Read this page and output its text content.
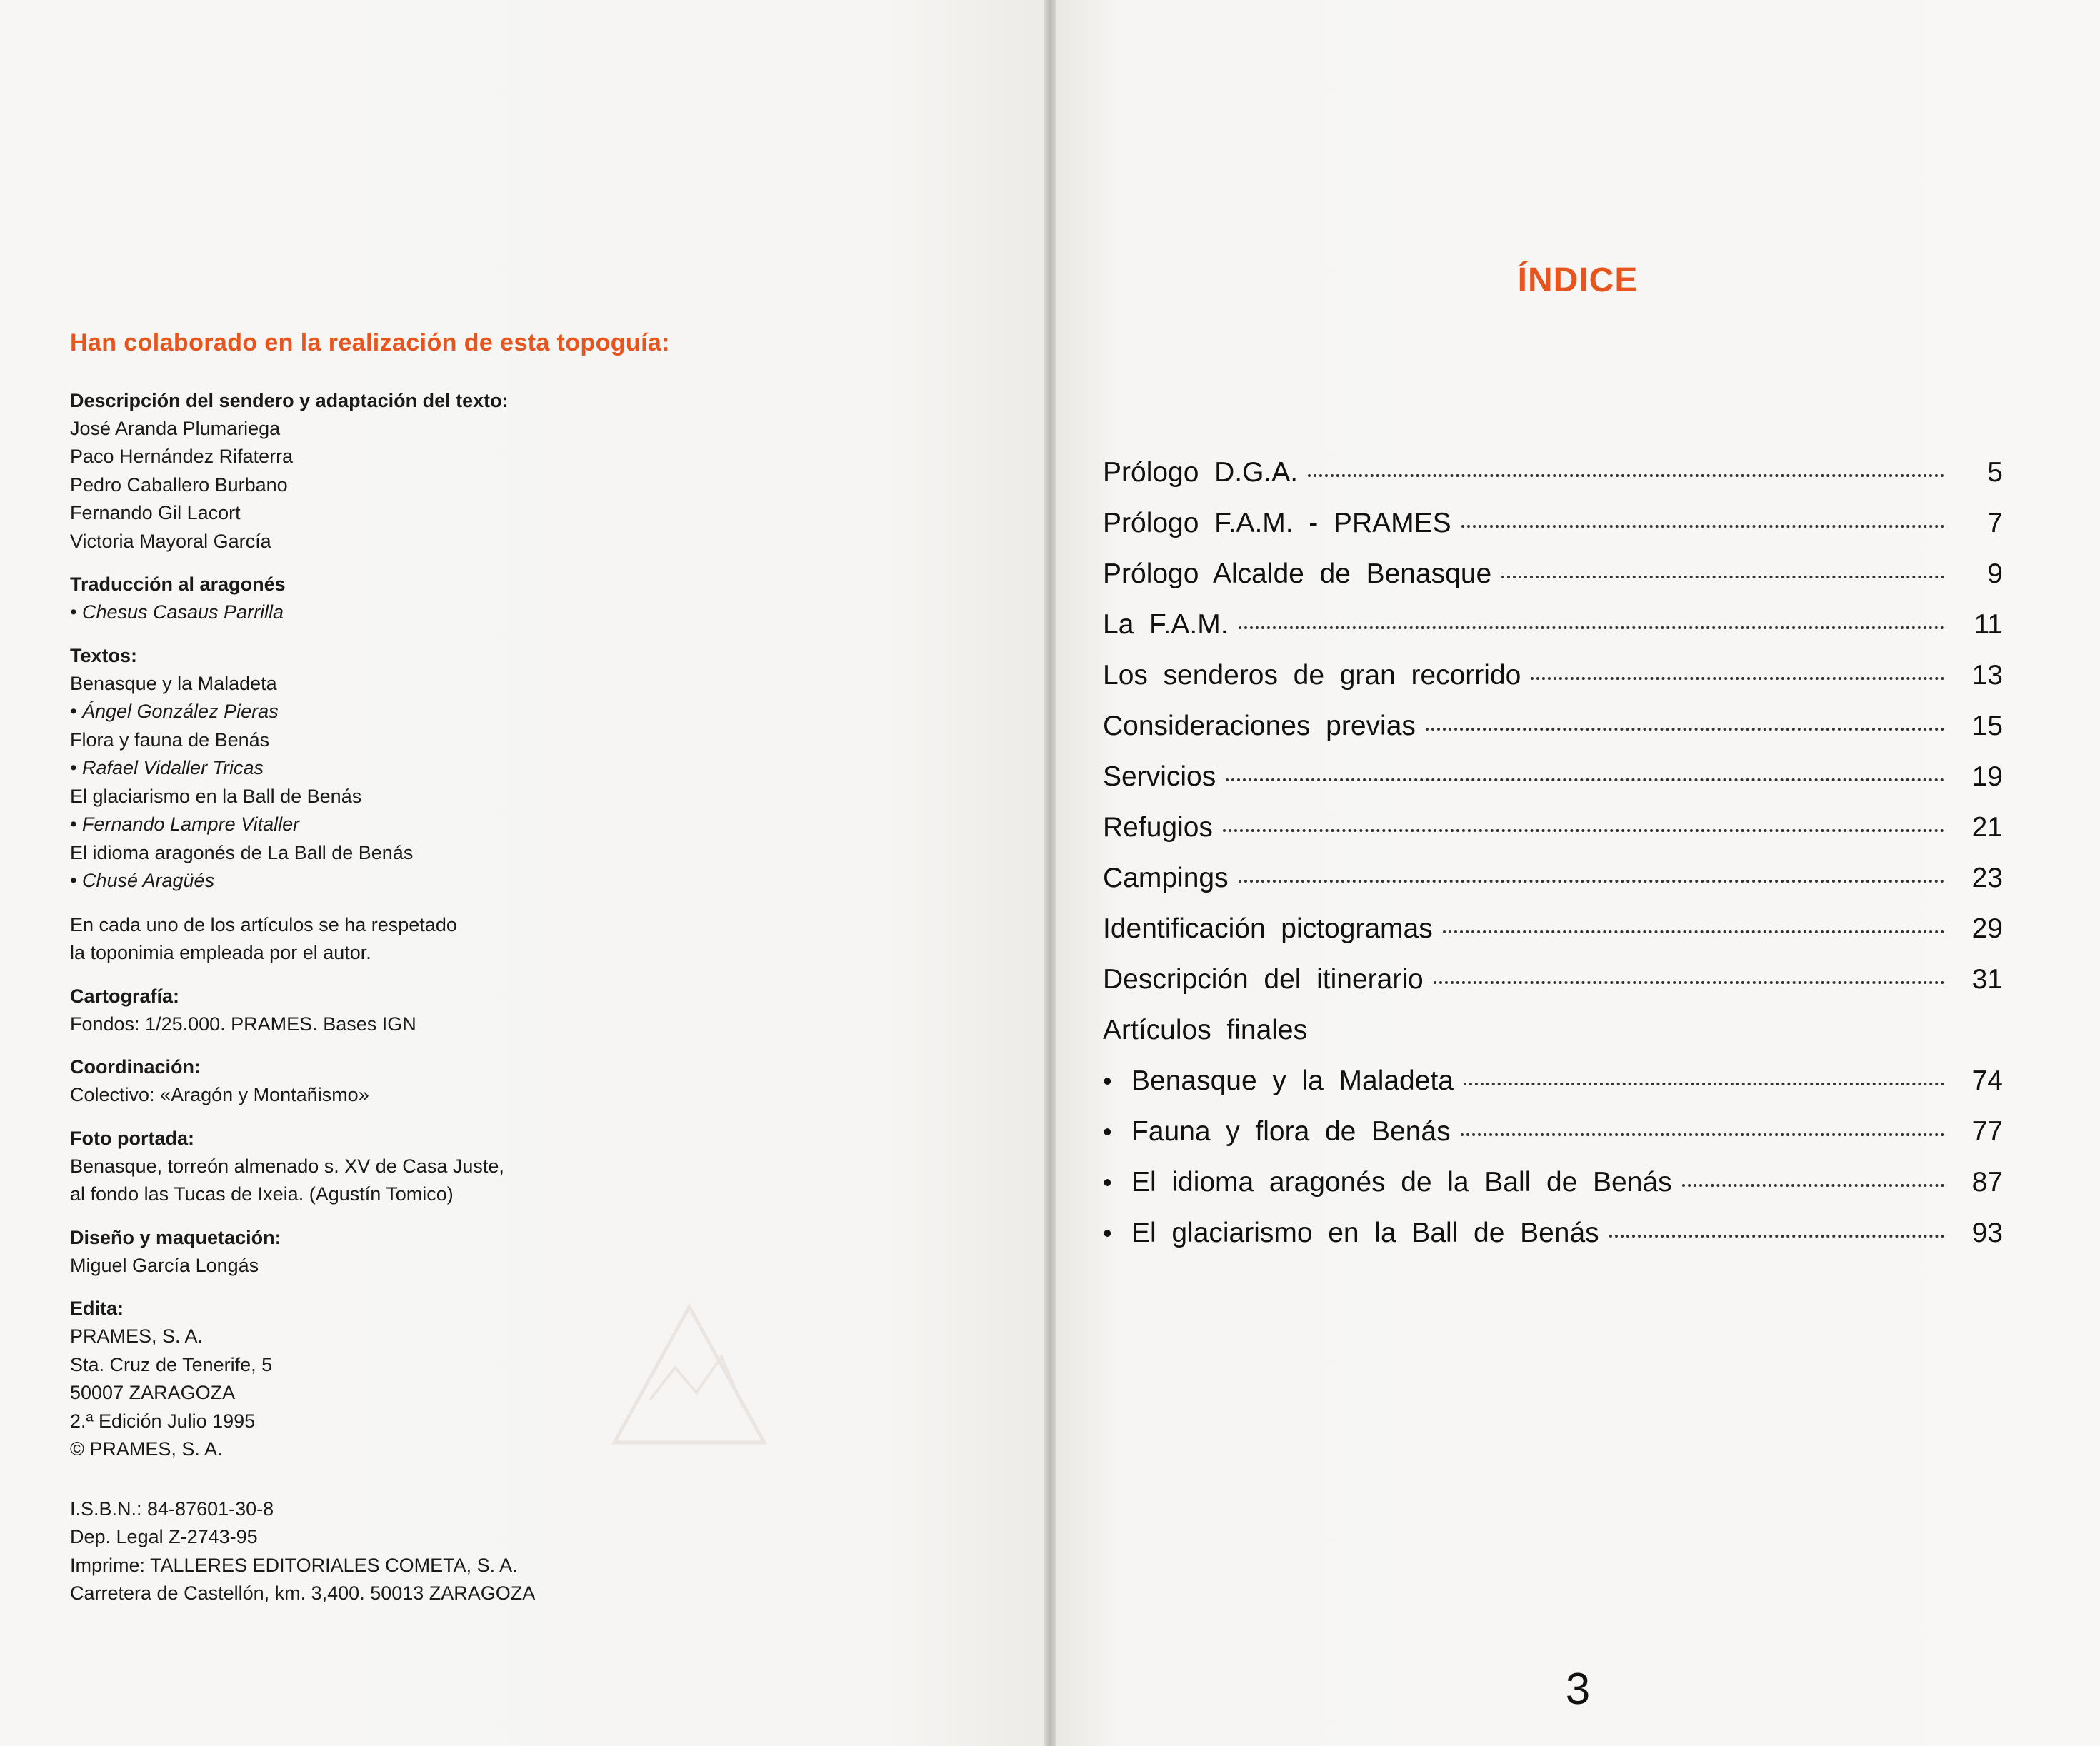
Han colaborado en la realización de esta topoguía:
Descripción del sendero y adaptación del texto:
José Aranda Plumariega
Paco Hernández Rifaterra
Pedro Caballero Burbano
Fernando Gil Lacort
Victoria Mayoral García
Traducción al aragonés
• Chesus Casaus Parrilla
Textos:
Benasque y la Maladeta
• Ángel González Pieras
Flora y fauna de Benás
• Rafael Vidaller Tricas
El glaciarismo en la Ball de Benás
• Fernando Lampre Vitaller
El idioma aragonés de La Ball de Benás
• Chusé Aragüés
En cada uno de los artículos se ha respetado
la toponimia empleada por el autor.
Cartografía:
Fondos: 1/25.000. PRAMES. Bases IGN
Coordinación:
Colectivo: «Aragón y Montañismo»
Foto portada:
Benasque, torreón almenado s. XV de Casa Juste,
al fondo las Tucas de Ixeia. (Agustín Tomico)
Diseño y maquetación:
Miguel García Longás
Edita:
PRAMES, S. A.
Sta. Cruz de Tenerife, 5
50007 ZARAGOZA
2.ª Edición Julio 1995
© PRAMES, S. A.
I.S.B.N.: 84-87601-30-8
Dep. Legal Z-2743-95
Imprime: TALLERES EDITORIALES COMETA, S. A.
Carretera de Castellón, km. 3,400. 50013 ZARAGOZA
ÍNDICE
Prólogo  D.G.A.	5
Prólogo  F.A.M.  -  PRAMES	7
Prólogo  Alcalde  de  Benasque	9
La  F.A.M.	11
Los  senderos  de  gran  recorrido	13
Consideraciones  previas	15
Servicios	19
Refugios	21
Campings	23
Identificación  pictogramas	29
Descripción  del  itinerario	31
Artículos  finales
• Benasque  y  la  Maladeta	74
• Fauna  y  flora  de  Benás	77
• El  idioma  aragonés  de  la  Ball  de  Benás	87
• El  glaciarismo  en  la  Ball  de  Benás	93

3
